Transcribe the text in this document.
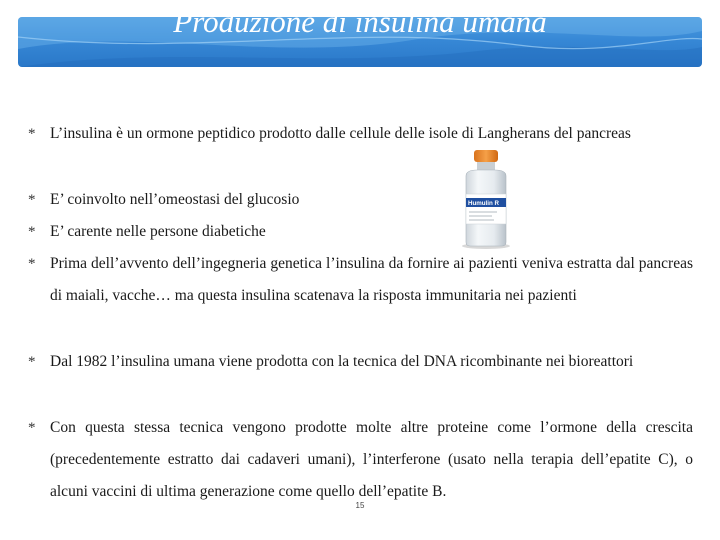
Produzione di insulina umana
* L’insulina è un ormone peptidico prodotto dalle cellule delle isole di Langherans del pancreas
* E’ coinvolto nell’omeostasi del glucosio
* E’ carente nelle persone diabetiche
* Prima dell’avvento dell’ingegneria genetica l’insulina da fornire ai pazienti veniva estratta dal pancreas di maiali, vacche… ma questa insulina scatenava la risposta immunitaria nei pazienti
* Dal 1982 l’insulina umana viene prodotta con la tecnica del DNA ricombinante nei bioreattori
* Con questa stessa tecnica vengono prodotte molte altre proteine come l’ormone della crescita (precedentemente estratto dai cadaveri umani), l’interferone (usato nella terapia dell’epatite C), o alcuni vaccini di ultima generazione come quello dell’epatite B.
Humulin R
15
